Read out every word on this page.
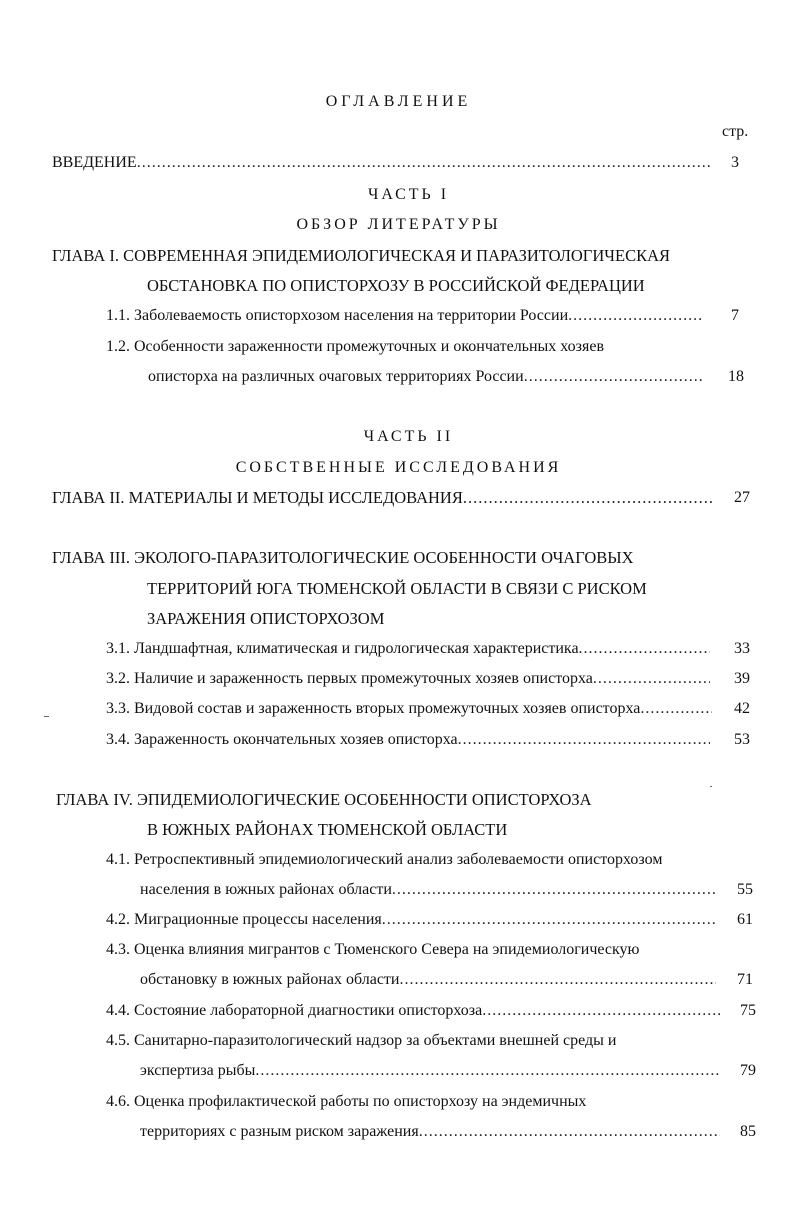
ОГЛАВЛЕНИЕ
стр.
ВВЕДЕНИЕ .....	3
ЧАСТЬ I
ОБЗОР ЛИТЕРАТУРЫ
ГЛАВА I. СОВРЕМЕННАЯ ЭПИДЕМИОЛОГИЧЕСКАЯ И ПАРАЗИТОЛОГИЧЕСКАЯ
ОБСТАНОВКА ПО ОПИСТОРХОЗУ В РОССИЙСКОЙ ФЕДЕРАЦИИ
1.1. Заболеваемость описторхозом населения на территории России .....	7
1.2. Особенности зараженности промежуточных и окончательных хозяев
описторха на различных очаговых территориях России .....	18
ЧАСТЬ II
СОБСТВЕННЫЕ ИССЛЕДОВАНИЯ
ГЛАВА II. МАТЕРИАЛЫ И МЕТОДЫ ИССЛЕДОВАНИЯ .....	27
ГЛАВА III. ЭКОЛОГО-ПАРАЗИТОЛОГИЧЕСКИЕ ОСОБЕННОСТИ ОЧАГОВЫХ
ТЕРРИТОРИЙ ЮГА ТЮМЕНСКОЙ ОБЛАСТИ В СВЯЗИ С РИСКОМ
ЗАРАЖЕНИЯ ОПИСТОРХОЗОМ
3.1. Ландшафтная, климатическая и гидрологическая характеристика .....	33
3.2. Наличие и зараженность первых промежуточных хозяев описторха .....	39
3.3. Видовой состав и зараженность вторых промежуточных хозяев описторха .....	42
3.4. Зараженность окончательных хозяев описторха .....	53
ГЛАВА IV. ЭПИДЕМИОЛОГИЧЕСКИЕ ОСОБЕННОСТИ ОПИСТОРХОЗА
В ЮЖНЫХ РАЙОНАХ ТЮМЕНСКОЙ ОБЛАСТИ
4.1. Ретроспективный эпидемиологический анализ заболеваемости описторхозом
населения в южных районах области .....	55
4.2. Миграционные процессы населения .....	61
4.3. Оценка влияния мигрантов с Тюменского Севера на эпидемиологическую
обстановку в южных районах области .....	71
4.4. Состояние лабораторной диагностики описторхоза .....	75
4.5. Санитарно-паразитологический надзор за объектами внешней среды и
экспертиза рыбы .....	79
4.6. Оценка профилактической работы по описторхозу на эндемичных
территориях с разным риском заражения .....	85
